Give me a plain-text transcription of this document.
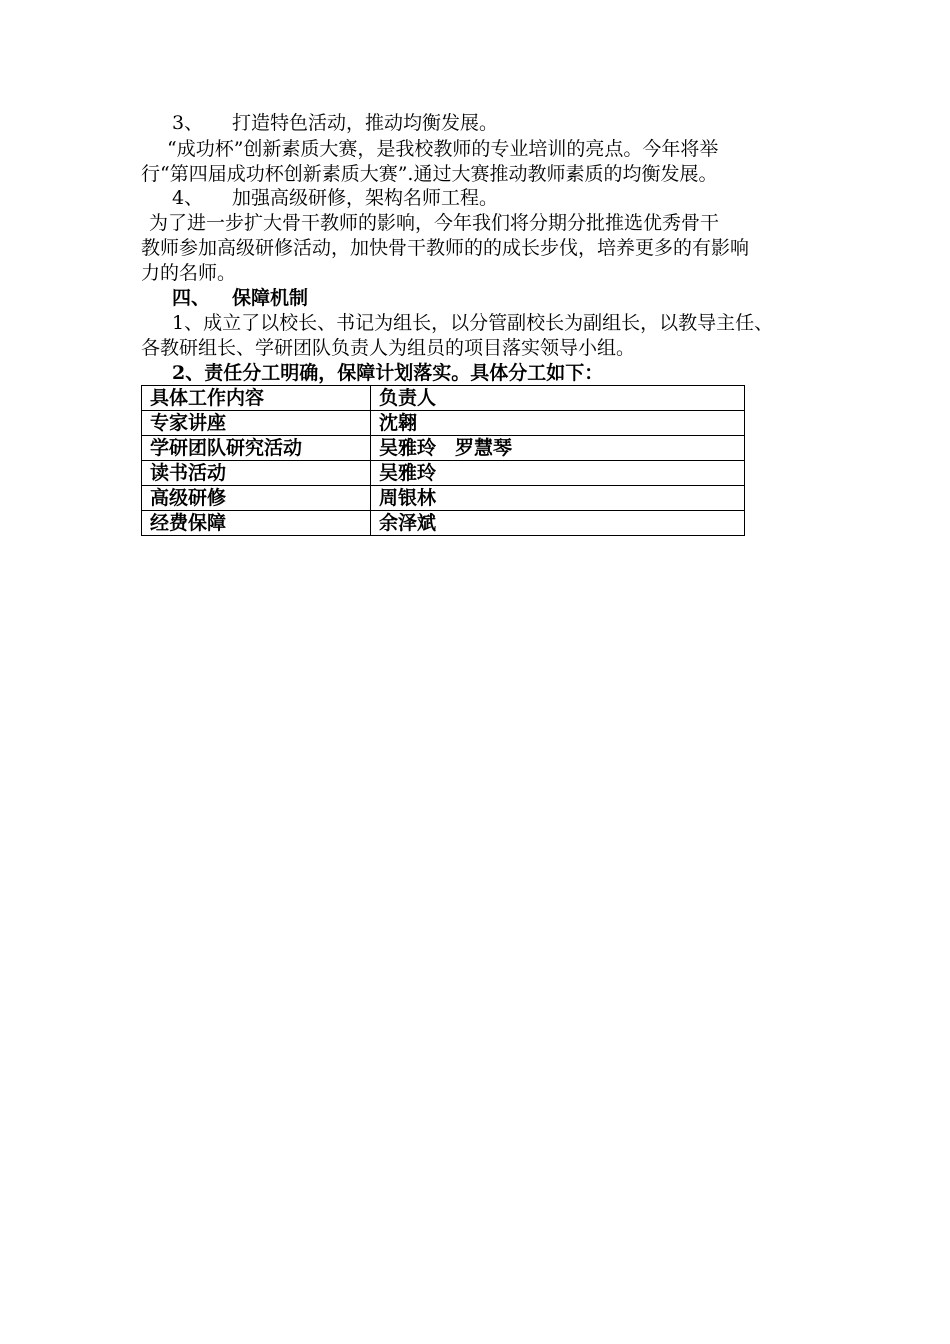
3、 打造特色活动，推动均衡发展。
“成功杯”创新素质大赛，是我校教师的专业培训的亮点。今年将举
行“第四届成功杯创新素质大赛”.通过大赛推动教师素质的均衡发展。
4、 加强高级研修，架构名师工程。
为了进一步扩大骨干教师的影响，今年我们将分期分批推选优秀骨干
教师参加高级研修活动，加快骨干教师的的成长步伐，培养更多的有影响
力的名师。
四、 保障机制
1、成立了以校长、书记为组长，以分管副校长为副组长，以教导主任、
各教研组长、学研团队负责人为组员的项目落实领导小组。
2、责任分工明确，保障计划落实。具体分工如下：
具体工作内容	负责人
专家讲座	沈翱
学研团队研究活动	吴雅玲　罗慧琴
读书活动	吴雅玲
高级研修	周银林
经费保障	余泽斌
